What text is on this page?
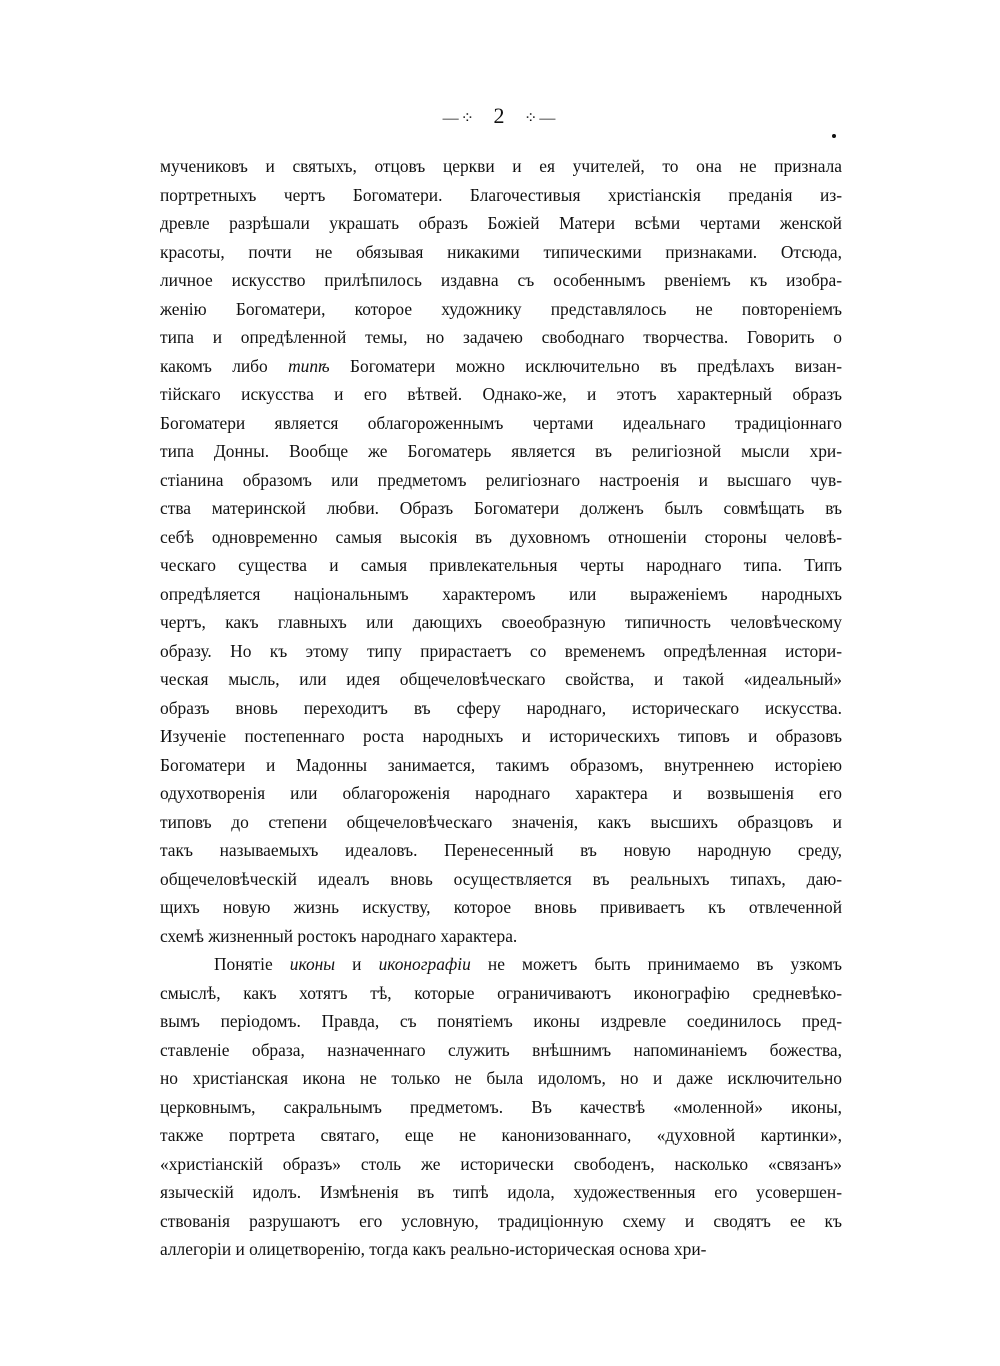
—⁘ 2 ⁘—
мучениковъ и святыхъ, отцовъ церкви и ея учителей, то она не признала
портретныхъ чертъ Богоматери. Благочестивыя христіанскія преданія из-
древле разрѣшали украшать образъ Божіей Матери всѣми чертами женской
красоты, почти не обязывая никакими типическими признаками. Отсюда,
личное искусство прилѣпилось издавна съ особеннымъ рвеніемъ къ изобра-
женію Богоматери, которое художнику представлялось не повтореніемъ
типа и опредѣленной темы, но задачею свободнаго творчества. Говорить о
какомъ либо типѣ Богоматери можно исключительно въ предѣлахъ визан-
тійскаго искусства и его вѣтвей. Однако-же, и этотъ характерный образъ
Богоматери является облагороженнымъ чертами идеальнаго традиціоннаго
типа Донны. Вообще же Богоматерь является въ религіозной мысли хри-
стіанина образомъ или предметомъ религіознаго настроенія и высшаго чув-
ства материнской любви. Образъ Богоматери долженъ былъ совмѣщать въ
себѣ одновременно самыя высокія въ духовномъ отношеніи стороны человѣ-
ческаго существа и самыя привлекательныя черты народнаго типа. Типъ
опредѣляется національнымъ характеромъ или выраженіемъ народныхъ
чертъ, какъ главныхъ или дающихъ своеобразную типичность человѣческому
образу. Но къ этому типу прирастаетъ со временемъ опредѣленная истори-
ческая мысль, или идея общечеловѣческаго свойства, и такой «идеальный»
образъ вновь переходитъ въ сферу народнаго, историческаго искусства.
Изученіе постепеннаго роста народныхъ и историческихъ типовъ и образовъ
Богоматери и Мадонны занимается, такимъ образомъ, внутреннею исторіею
одухотворенія или облагороженія народнаго характера и возвышенія его
типовъ до степени общечеловѣческаго значенія, какъ высшихъ образцовъ и
такъ называемыхъ идеаловъ. Перенесенный въ новую народную среду,
общечеловѣческій идеалъ вновь осуществляется въ реальныхъ типахъ, даю-
щихъ новую жизнь искуству, которое вновь прививаетъ къ отвлеченной
схемѣ жизненный ростокъ народнаго характера.
Понятіе иконы и иконографіи не можетъ быть принимаемо въ узкомъ
смыслѣ, какъ хотятъ тѣ, которые ограничиваютъ иконографію средневѣко-
вымъ періодомъ. Правда, съ понятіемъ иконы издревле соединилось пред-
ставленіе образа, назначеннаго служить внѣшнимъ напоминаніемъ божества,
но христіанская икона не только не была идоломъ, но и даже исключительно
церковнымъ, сакральнымъ предметомъ. Въ качествѣ «моленной» иконы,
также портрета святаго, еще не канонизованнаго, «духовной картинки»,
«христіанскій образъ» столь же исторически свободенъ, насколько «связанъ»
языческій идолъ. Измѣненія въ типѣ идола, художественныя его усовершен-
ствованія разрушаютъ его условную, традиціонную схему и сводятъ ее къ
аллегоріи и олицетворенію, тогда какъ реально-историческая основа хри-
